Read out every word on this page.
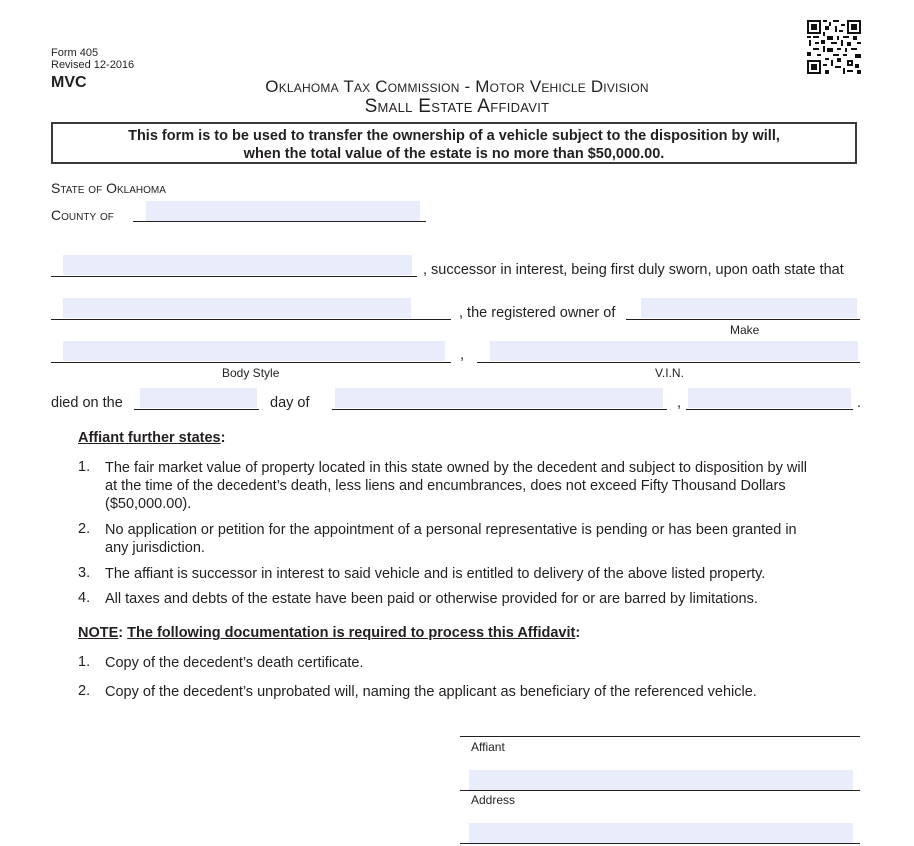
Form 405
Revised 12-2016
MVC	Oklahoma Tax Commission - Motor Vehicle Division
Small Estate Affidavit
This form is to be used to transfer the ownership of a vehicle subject to the disposition by will,
when the total value of the estate is no more than $50,000.00.
State of Oklahoma
County of
, successor in interest, being first duly sworn, upon oath state that
, the registered owner of
Make
,
Body Style	V.I.N.
died on the	day of	,	.
Affiant further states:
1. The fair market value of property located in this state owned by the decedent and subject to disposition by will
at the time of the decedent’s death, less liens and encumbrances, does not exceed Fifty Thousand Dollars
($50,000.00).
2. No application or petition for the appointment of a personal representative is pending or has been granted in
any jurisdiction.
3. The affiant is successor in interest to said vehicle and is entitled to delivery of the above listed property.
4. All taxes and debts of the estate have been paid or otherwise provided for or are barred by limitations.
NOTE: The following documentation is required to process this Affidavit:
1. Copy of the decedent’s death certificate.
2. Copy of the decedent’s unprobated will, naming the applicant as beneficiary of the referenced vehicle.
Affiant
Address
